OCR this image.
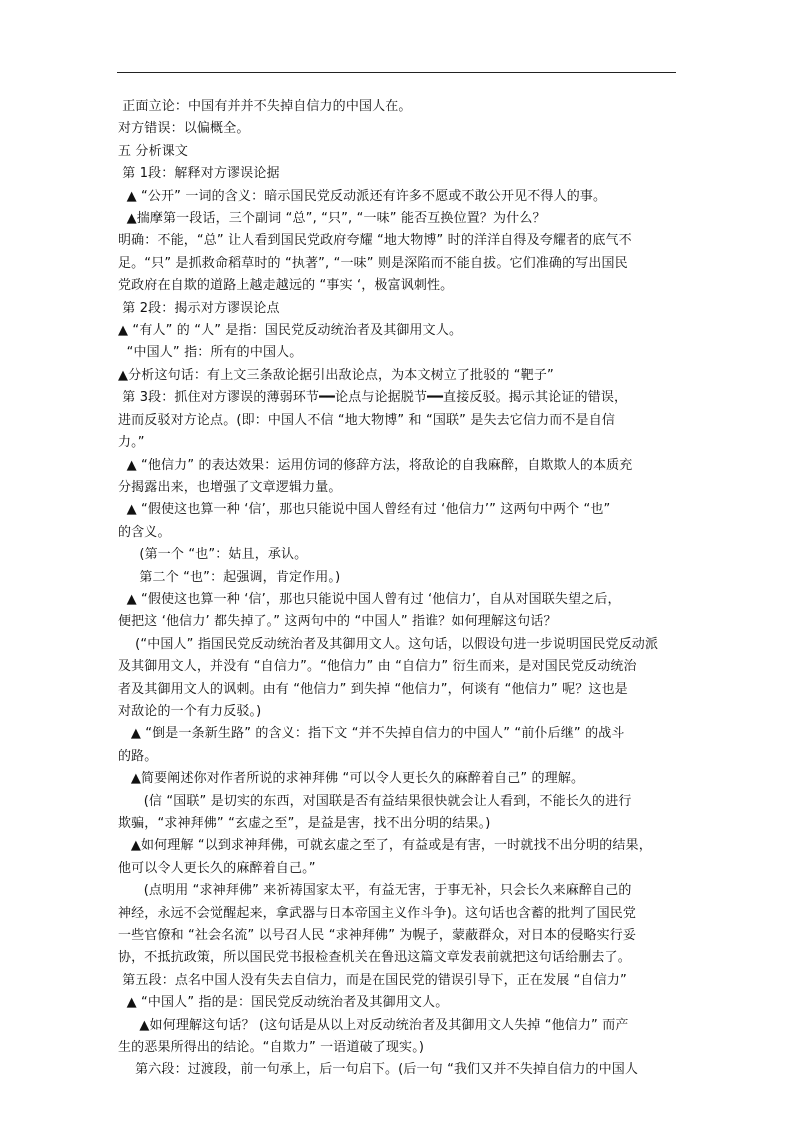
正面立论：中国有并并不失掉自信力的中国人在。

对方错误：以偏概全。

五 分析课文

第 1段：解释对方谬误论据

▲ “公开” 一词的含义：暗示国民党反动派还有许多不愿或不敢公开见不得人的事。

▲揣摩第一段话，三个副词 “总”, “只”, “一味” 能否互换位置？为什么？

明确：不能，“总” 让人看到国民党政府夸耀 “地大物博” 时的洋洋自得及夸耀者的底气不

足。“只” 是抓救命稻草时的 “执著”, “一味” 则是深陷而不能自拔。它们准确的写出国民

党政府在自欺的道路上越走越远的 “事实 ‘，极富讽刺性。

第 2段：揭示对方谬误论点

▲ “有人” 的 “人” 是指：国民党反动统治者及其御用文人。

“中国人” 指：所有的中国人。

▲分析这句话：有上文三条敌论据引出敌论点，为本文树立了批驳的 “靶子”

第 3段：抓住对方谬误的薄弱环节━━论点与论据脱节━━直接反驳。揭示其论证的错误，

进而反驳对方论点。(即：中国人不信 “地大物博” 和 “国联” 是失去它信力而不是自信

力。”

▲ “他信力” 的表达效果：运用仿词的修辞方法，将敌论的自我麻醉，自欺欺人的本质充

分揭露出来，也增强了文章逻辑力量。

▲ “假使这也算一种 ‘信’，那也只能说中国人曾经有过 ‘他信力’” 这两句中两个 “也”

的含义。

(第一个 “也”：姑且，承认。

第二个 “也”：起强调，肯定作用。)

▲ “假使这也算一种 ‘信’，那也只能说中国人曾有过 ‘他信力’，自从对国联失望之后，

便把这 ‘他信力’ 都失掉了。” 这两句中的 “中国人” 指谁？如何理解这句话？

(“中国人” 指国民党反动统治者及其御用文人。这句话，以假设句进一步说明国民党反动派

及其御用文人，并没有 “自信力”。“他信力” 由 “自信力” 衍生而来，是对国民党反动统治

者及其御用文人的讽刺。由有 “他信力” 到失掉 “他信力”，何谈有 “他信力” 呢？这也是

对敌论的一个有力反驳。)

▲ “倒是一条新生路” 的含义：指下文 “并不失掉自信力的中国人” “前仆后继” 的战斗

的路。

▲简要阐述你对作者所说的求神拜佛 “可以令人更长久的麻醉着自己” 的理解。

(信 “国联” 是切实的东西，对国联是否有益结果很快就会让人看到，不能长久的进行

欺骗，“求神拜佛” “玄虚之至”，是益是害，找不出分明的结果。)

▲如何理解 “以到求神拜佛，可就玄虚之至了，有益或是有害，一时就找不出分明的结果，

他可以令人更长久的麻醉着自己。”

(点明用 “求神拜佛” 来祈祷国家太平，有益无害，于事无补，只会长久来麻醉自己的

神经，永远不会觉醒起来，拿武器与日本帝国主义作斗争)。这句话也含蓄的批判了国民党

一些官僚和 “社会名流” 以号召人民 “求神拜佛” 为幌子，蒙蔽群众，对日本的侵略实行妥

协，不抵抗政策，所以国民党书报检查机关在鲁迅这篇文章发表前就把这句话给删去了。

第五段：点名中国人没有失去自信力，而是在国民党的错误引导下，正在发展 “自信力”

▲ “中国人” 指的是：国民党反动统治者及其御用文人。

▲如何理解这句话？ (这句话是从以上对反动统治者及其御用文人失掉 “他信力” 而产

生的恶果所得出的结论。“自欺力” 一语道破了现实。)

第六段：过渡段，前一句承上，后一句启下。(后一句 “我们又并不失掉自信力的中国人
